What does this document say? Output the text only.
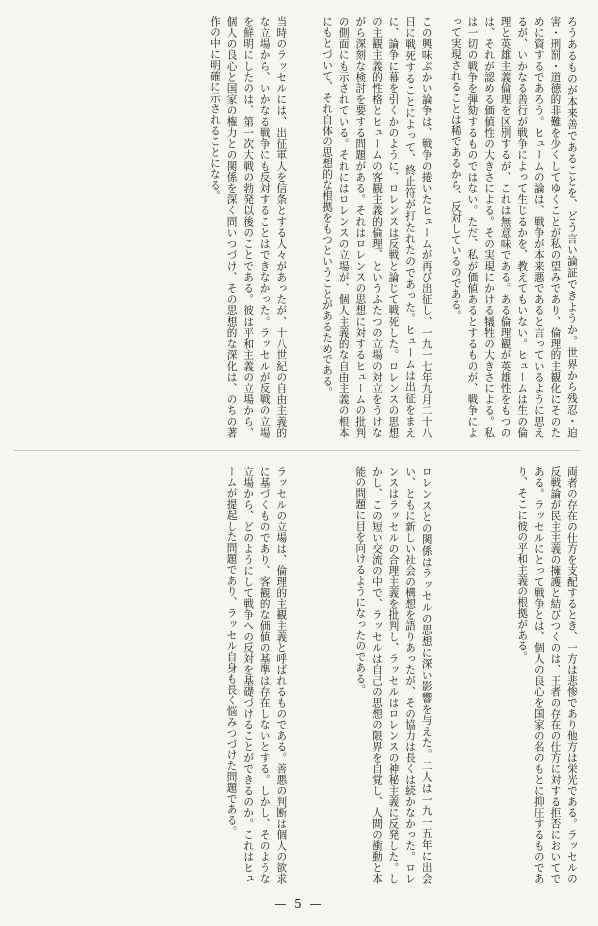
ろうあるものが本来善であることを、どう言い論証できようか。世界から残忍・迫害・刑罰・道徳的非難を少くしてゆくことが私の望みであり、倫理的主観化にそのために資するであろう。ヒュームの論は、戦争が本来悪であると言っているように思えるが、いかなる善行が戦争によって生じるかを、教えてもいない。ヒュームは生の倫理と英雄主義倫理を区別するが、これは無意味である。ある倫理観が英雄性をもつのは、それが認める価値性の大きさによる。その実現にかける犠牲の大きさによる。私は一切の戦争を弾劾するものではない。ただ、私が価値あるとするものが、戦争によって実現されることは稀であるから、反対しているのである。
この興味ぶかい論争は、戦争の捲いたヒュームが再び出征し、一九一七年九月二十八日に戦死することによって、終止符が打たれたのであった。ヒュームは出征をまえに、論争に幕を引くかのように、ロレンスは反戦と論じて戦死した。ロレンスの思想の主観主義的性格とヒュームの客観主義的倫理、というふたつの立場の対立をうけながら深刻な検討を要する問題がある。それはロレンスの思想に対するヒュームの批判の側面にも示されている。それにはロレンスの立場が、個人主義的な自由主義の根本にもとづいて、それ自体の思想的な根拠をもつということがあるためである。
当時のラッセルには、出征軍人を信条とする人々があったが、十八世紀の自由主義的な立場から、いかなる戦争にも反対することはできなかった。ラッセルが反戦の立場を鮮明にしたのは、第一次大戦の勃発以後のことである。彼は平和主義の立場から、個人の良心と国家の権力との関係を深く問いつづけ、その思想的な深化は、のちの著作の中に明確に示されることになる。
両者の存在の仕方を支配するとき、一方は悲惨であり他方は栄光である。ラッセルの反戦論が民主主義の擁護と結びつくのは、王者の存在の仕方に対する拒否においてである。ラッセルにとって戦争とは、個人の良心を国家の名のもとに抑圧するものであり、そこに彼の平和主義の根拠がある。
ロレンスとの関係はラッセルの思想に深い影響を与えた。二人は一九一五年に出会い、ともに新しい社会の構想を語りあったが、その協力は長くは続かなかった。ロレンスはラッセルの合理主義を批判し、ラッセルはロレンスの神秘主義に反発した。しかし、この短い交流の中で、ラッセルは自己の思想の限界を自覚し、人間の衝動と本能の問題に目を向けるようになったのである。
ラッセルの立場は、倫理的主観主義と呼ばれるものである。善悪の判断は個人の欲求に基づくものであり、客観的な価値の基準は存在しないとする。しかし、そのような立場から、どのようにして戦争への反対を基礎づけることができるのか。これはヒュームが提起した問題であり、ラッセル自身も長く悩みつづけた問題である。
— 5 —
